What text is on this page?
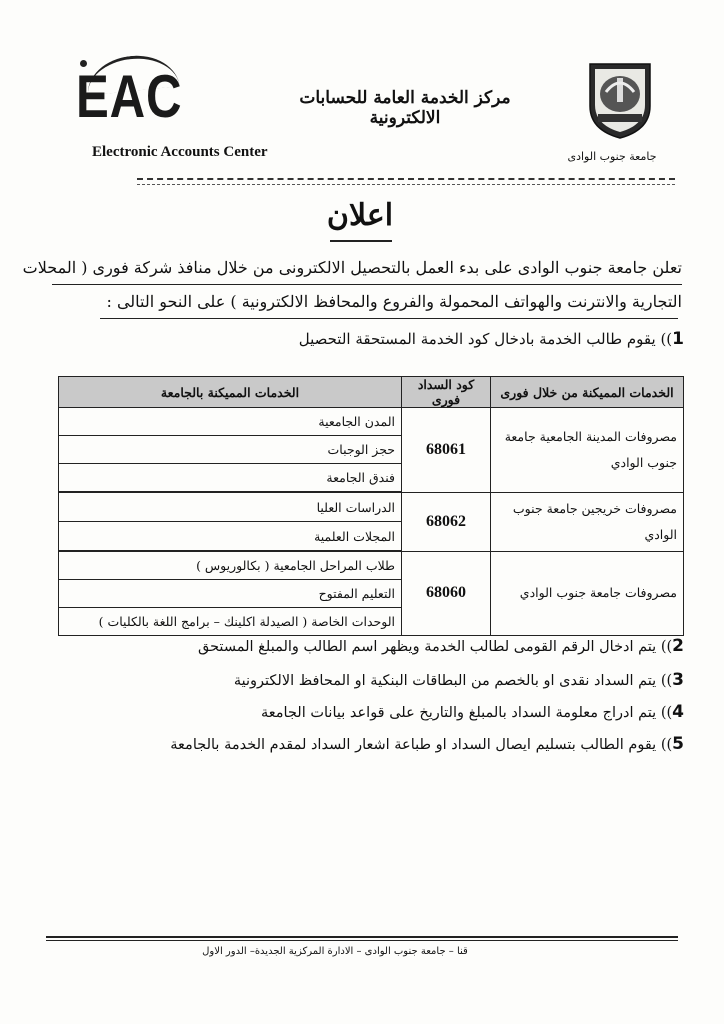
EAC
Electronic Accounts Center
مركز الخدمة العامة للحسابات الالكترونية
جامعة جنوب الوادى
اعلان
تعلن جامعة جنوب الوادى على بدء العمل بالتحصيل الالكترونى من خلال منافذ شركة فورى ( المحلات
التجارية والانترنت والهواتف المحمولة والفروع والمحافظ الالكترونية ) على النحو التالى :
1)) يقوم طالب الخدمة بادخال كود الخدمة المستحقة التحصيل
الخدمات المميكنة من خلال فورى	كود السداد فورى	الخدمات المميكنة بالجامعة
مصروفات المدينة الجامعية جامعة جنوب الوادي	68061	المدن الجامعية
		حجز الوجبات
		فندق الجامعة
مصروفات خريجين جامعة جنوب الوادي	68062	الدراسات العليا
		المجلات العلمية
مصروفات جامعة جنوب الوادي	68060	طلاب المراحل الجامعية ( بكالوريوس )
		التعليم المفتوح
		الوحدات الخاصة ( الصيدلة اكلينك – برامج اللغة بالكليات )
2)) يتم ادخال الرقم القومى لطالب الخدمة ويظهر اسم الطالب والمبلغ المستحق
3)) يتم السداد نقدى او بالخصم من البطاقات البنكية او المحافظ الالكترونية
4)) يتم ادراج معلومة السداد بالمبلغ والتاريخ على قواعد بيانات الجامعة
5)) يقوم الطالب بتسليم ايصال السداد او طباعة اشعار السداد لمقدم الخدمة بالجامعة
قنا – جامعة جنوب الوادى – الادارة المركزية الجديدة– الدور الاول
